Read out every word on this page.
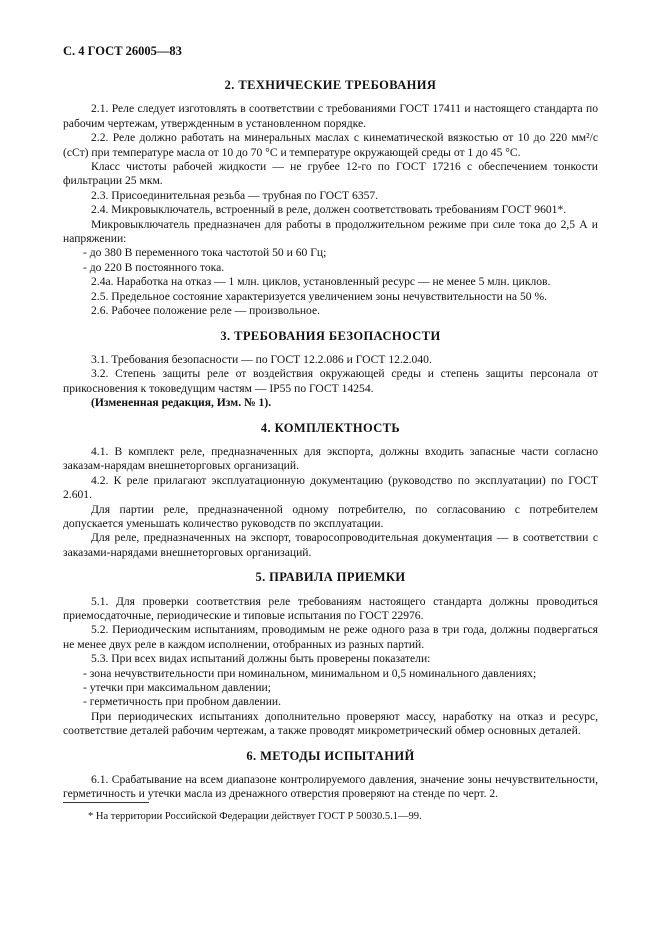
С. 4 ГОСТ 26005—83
2. ТЕХНИЧЕСКИЕ ТРЕБОВАНИЯ

2.1. Реле следует изготовлять в соответствии с требованиями ГОСТ 17411 и настоящего стандарта по рабочим чертежам, утвержденным в установленном порядке.

2.2. Реле должно работать на минеральных маслах с кинематической вязкостью от 10 до 220 мм²/с (сСт) при температуре масла от 10 до 70 °С и температуре окружающей среды от 1 до 45 °С.

Класс чистоты рабочей жидкости — не грубее 12-го по ГОСТ 17216 с обеспечением тонкости фильтрации 25 мкм.

2.3. Присоединительная резьба — трубная по ГОСТ 6357.

2.4. Микровыключатель, встроенный в реле, должен соответствовать требованиям ГОСТ 9601*.

Микровыключатель предназначен для работы в продолжительном режиме при силе тока до 2,5 А и напряжении:

- до 380 В переменного тока частотой 50 и 60 Гц;

- до 220 В постоянного тока.

2.4a. Наработка на отказ — 1 млн. циклов, установленный ресурс — не менее 5 млн. циклов.

2.5. Предельное состояние характеризуется увеличением зоны нечувствительности на 50 %.

2.6. Рабочее положение реле — произвольное.

3. ТРЕБОВАНИЯ БЕЗОПАСНОСТИ

3.1. Требования безопасности — по ГОСТ 12.2.086 и ГОСТ 12.2.040.

3.2. Степень защиты реле от воздействия окружающей среды и степень защиты персонала от прикосновения к токоведущим частям — IP55 по ГОСТ 14254.

(Измененная редакция, Изм. № 1).

4. КОМПЛЕКТНОСТЬ

4.1. В комплект реле, предназначенных для экспорта, должны входить запасные части согласно заказам-нарядам внешнеторговых организаций.

4.2. К реле прилагают эксплуатационную документацию (руководство по эксплуатации) по ГОСТ 2.601.

Для партии реле, предназначенной одному потребителю, по согласованию с потребителем допускается уменьшать количество руководств по эксплуатации.

Для реле, предназначенных на экспорт, товаросопроводительная документация — в соответствии с заказами-нарядами внешнеторговых организаций.

5. ПРАВИЛА ПРИЕМКИ

5.1. Для проверки соответствия реле требованиям настоящего стандарта должны проводиться приемосдаточные, периодические и типовые испытания по ГОСТ 22976.

5.2. Периодическим испытаниям, проводимым не реже одного раза в три года, должны подвергаться не менее двух реле в каждом исполнении, отобранных из разных партий.

5.3. При всех видах испытаний должны быть проверены показатели:

- зона нечувствительности при номинальном, минимальном и 0,5 номинального давлениях;

- утечки при максимальном давлении;

- герметичность при пробном давлении.

При периодических испытаниях дополнительно проверяют массу, наработку на отказ и ресурс, соответствие деталей рабочим чертежам, а также проводят микрометрический обмер основных деталей.

6. МЕТОДЫ ИСПЫТАНИЙ

6.1. Срабатывание на всем диапазоне контролируемого давления, значение зоны нечувствительности, герметичность и утечки масла из дренажного отверстия проверяют на стенде по черт. 2.

* На территории Российской Федерации действует ГОСТ Р 50030.5.1—99.
